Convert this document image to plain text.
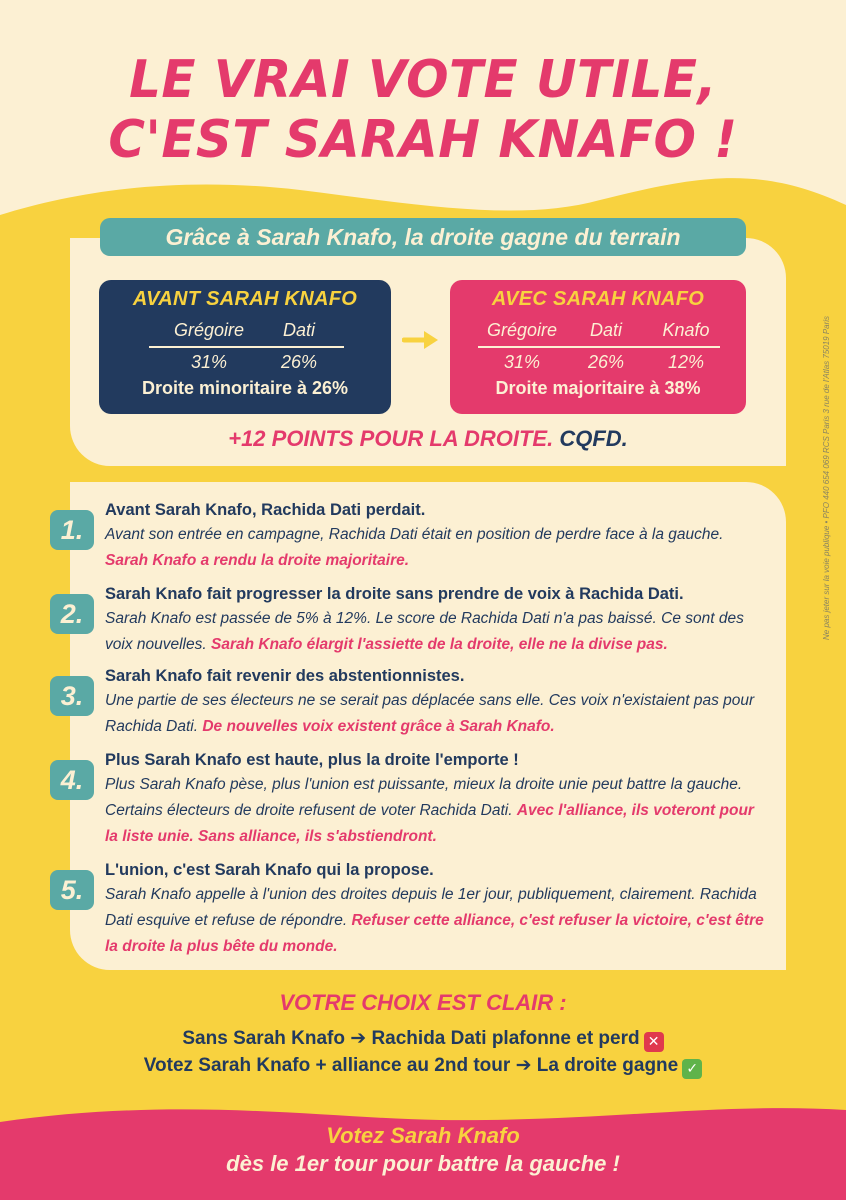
LE VRAI VOTE UTILE,
C'EST SARAH KNAFO !
Grâce à Sarah Knafo, la droite gagne du terrain
AVANT SARAH KNAFO
Grégoire Dati
31%	26%
Droite minoritaire à 26%
AVEC SARAH KNAFO
Grégoire Dati Knafo
31%	26% 12%
Droite majoritaire à 38%
+12 POINTS POUR LA DROITE. CQFD.
1.
Avant Sarah Knafo, Rachida Dati perdait.
Avant son entrée en campagne, Rachida Dati était en position de perdre face à la gauche. Sarah Knafo a rendu la droite majoritaire.
2.
Sarah Knafo fait progresser la droite sans prendre de voix à Rachida Dati.
Sarah Knafo est passée de 5% à 12%. Le score de Rachida Dati n'a pas baissé. Ce sont des voix nouvelles. Sarah Knafo élargit l'assiette de la droite, elle ne la divise pas.
3.
Sarah Knafo fait revenir des abstentionnistes.
Une partie de ses électeurs ne se serait pas déplacée sans elle. Ces voix n'existaient pas pour Rachida Dati. De nouvelles voix existent grâce à Sarah Knafo.
4.
Plus Sarah Knafo est haute, plus la droite l'emporte !
Plus Sarah Knafo pèse, plus l'union est puissante, mieux la droite unie peut battre la gauche. Certains électeurs de droite refusent de voter Rachida Dati. Avec l'alliance, ils voteront pour la liste unie. Sans alliance, ils s'abstiendront.
5.
L'union, c'est Sarah Knafo qui la propose.
Sarah Knafo appelle à l'union des droites depuis le 1er jour, publiquement, clairement. Rachida Dati esquive et refuse de répondre. Refuser cette alliance, c'est refuser la victoire, c'est être la droite la plus bête du monde.
Ne pas jeter sur la voie publique • PFO 440 654 069 RCS Paris 3 rue de l'Atlas 75019 Paris
VOTRE CHOIX EST CLAIR :
Sans Sarah Knafo ➔ Rachida Dati plafonne et perd ✕
Votez Sarah Knafo + alliance au 2nd tour ➔ La droite gagne ✓
Votez Sarah Knafo
dès le 1er tour pour battre la gauche !
